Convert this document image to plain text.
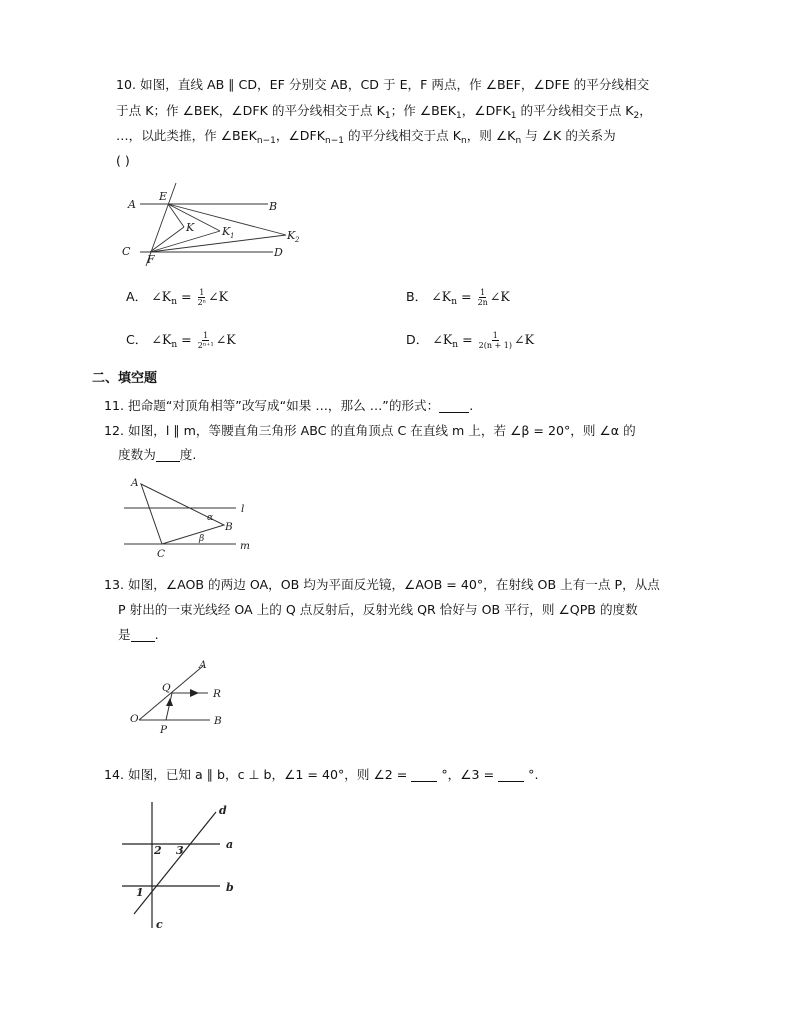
10. 如图，直线 AB ∥ CD，EF 分别交 AB，CD 于 E，F 两点，作 ∠BEF，∠DFE 的平分线相交
于点 K；作 ∠BEK，∠DFK 的平分线相交于点 $K_1$；作 $\angle BEK_1$，$\angle DFK_1$ 的平分线相交于点 $K_2$，
…，以此类推，作 $\angle BEK_{n-1}$，$\angle DFK_{n-1}$ 的平分线相交于点 $K_n$，则 $\angle K_n$ 与 ∠K 的关系为
( )
A
E
B
K	K 1	K 2
C
F
D
A． $\angle K_n = \frac{1}{\text{2ⁿ}}$ ∠K	B． $\angle K_n = \frac{1}{2n}$ ∠K
C． $\angle K_n = \frac{1}{\text{2ⁿ⁺¹}}$ ∠K	D． $\angle K_n = \frac{1}{2(n + 1)}$ ∠K
二、填空题
11. 把命题“对顶角相等”改写成“如果 …，那么 …”的形式： .
12. 如图，l ∥ m，等腰直角三角形 ABC 的直角顶点 C 在直线 m 上，若 ∠β = 20°，则 ∠α 的
度数为 度.
A
l
α
B
β
C
m
13. 如图，∠AOB 的两边 OA，OB 均为平面反光镜，∠AOB = 40°，在射线 OB 上有一点 P，从点
P 射出的一束光线经 OA 上的 Q 点反射后，反射光线 QR 恰好与 OB 平行，则 ∠QPB 的度数
是 .
A
Q	R
O
P
B
14. 如图，已知 a ∥ b，c ⊥ b，∠1 = 40°，则 ∠2 =	°，∠3 =	°.
d
a
2 3
1	b
c
